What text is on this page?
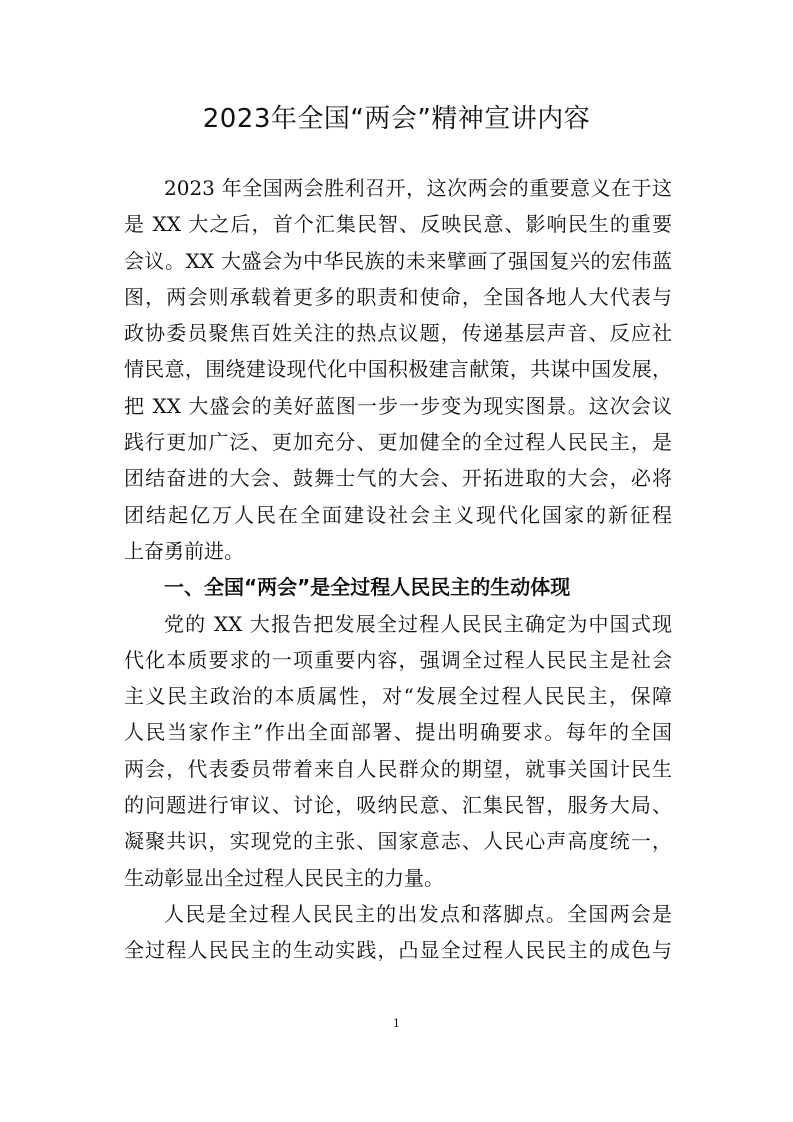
2023年全国“两会”精神宣讲内容
2023 年全国两会胜利召开，这次两会的重要意义在于这
是 XX 大之后，首个汇集民智、反映民意、影响民生的重要
会议。XX 大盛会为中华民族的未来擘画了强国复兴的宏伟蓝
图，两会则承载着更多的职责和使命，全国各地人大代表与
政协委员聚焦百姓关注的热点议题，传递基层声音、反应社
情民意，围绕建设现代化中国积极建言献策，共谋中国发展，
把 XX 大盛会的美好蓝图一步一步变为现实图景。这次会议
践行更加广泛、更加充分、更加健全的全过程人民民主，是
团结奋进的大会、鼓舞士气的大会、开拓进取的大会，必将
团结起亿万人民在全面建设社会主义现代化国家的新征程
上奋勇前进。
一、全国“两会”是全过程人民民主的生动体现
党的 XX 大报告把发展全过程人民民主确定为中国式现
代化本质要求的一项重要内容，强调全过程人民民主是社会
主义民主政治的本质属性，对“发展全过程人民民主，保障
人民当家作主”作出全面部署、提出明确要求。每年的全国
两会，代表委员带着来自人民群众的期望，就事关国计民生
的问题进行审议、讨论，吸纳民意、汇集民智，服务大局、
凝聚共识，实现党的主张、国家意志、人民心声高度统一，
生动彰显出全过程人民民主的力量。
人民是全过程人民民主的出发点和落脚点。全国两会是
全过程人民民主的生动实践，凸显全过程人民民主的成色与
1
